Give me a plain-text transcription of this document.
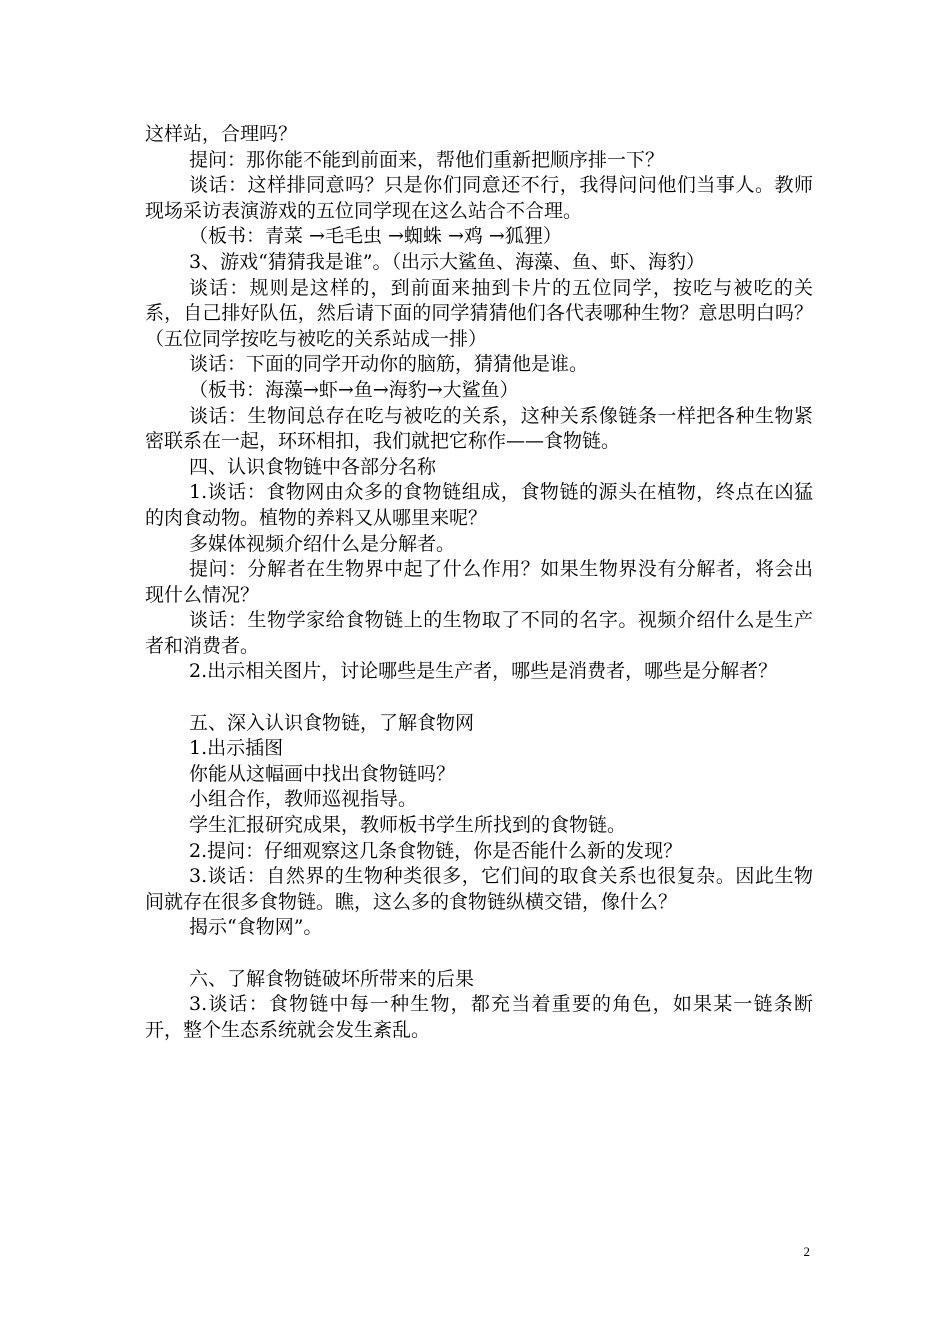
这样站，合理吗？

提问：那你能不能到前面来，帮他们重新把顺序排一下？

谈话：这样排同意吗？只是你们同意还不行，我得问问他们当事人。教师现场采访表演游戏的五位同学现在这么站合不合理。

（板书：青菜 →毛毛虫 →蜘蛛 →鸡 →狐狸）

3、游戏“猜猜我是谁”。（出示大鲨鱼、海藻、鱼、虾、海豹）

谈话：规则是这样的，到前面来抽到卡片的五位同学，按吃与被吃的关系，自己排好队伍，然后请下面的同学猜猜他们各代表哪种生物？意思明白吗？（五位同学按吃与被吃的关系站成一排）

谈话：下面的同学开动你的脑筋，猜猜他是谁。

（板书：海藻→虾→鱼→海豹→大鲨鱼）

谈话：生物间总存在吃与被吃的关系，这种关系像链条一样把各种生物紧密联系在一起，环环相扣，我们就把它称作——食物链。

四、认识食物链中各部分名称

1.谈话：食物网由众多的食物链组成，食物链的源头在植物，终点在凶猛的肉食动物。植物的养料又从哪里来呢？

多媒体视频介绍什么是分解者。

提问：分解者在生物界中起了什么作用？如果生物界没有分解者，将会出现什么情况？

谈话：生物学家给食物链上的生物取了不同的名字。视频介绍什么是生产者和消费者。

2.出示相关图片，讨论哪些是生产者，哪些是消费者，哪些是分解者？

五、深入认识食物链，了解食物网

1.出示插图

你能从这幅画中找出食物链吗？

小组合作，教师巡视指导。

学生汇报研究成果，教师板书学生所找到的食物链。

2.提问：仔细观察这几条食物链，你是否能什么新的发现？

3.谈话：自然界的生物种类很多，它们间的取食关系也很复杂。因此生物间就存在很多食物链。瞧，这么多的食物链纵横交错，像什么？

揭示“食物网”。

六、了解食物链破坏所带来的后果

3.谈话：食物链中每一种生物，都充当着重要的角色，如果某一链条断开，整个生态系统就会发生紊乱。

2
